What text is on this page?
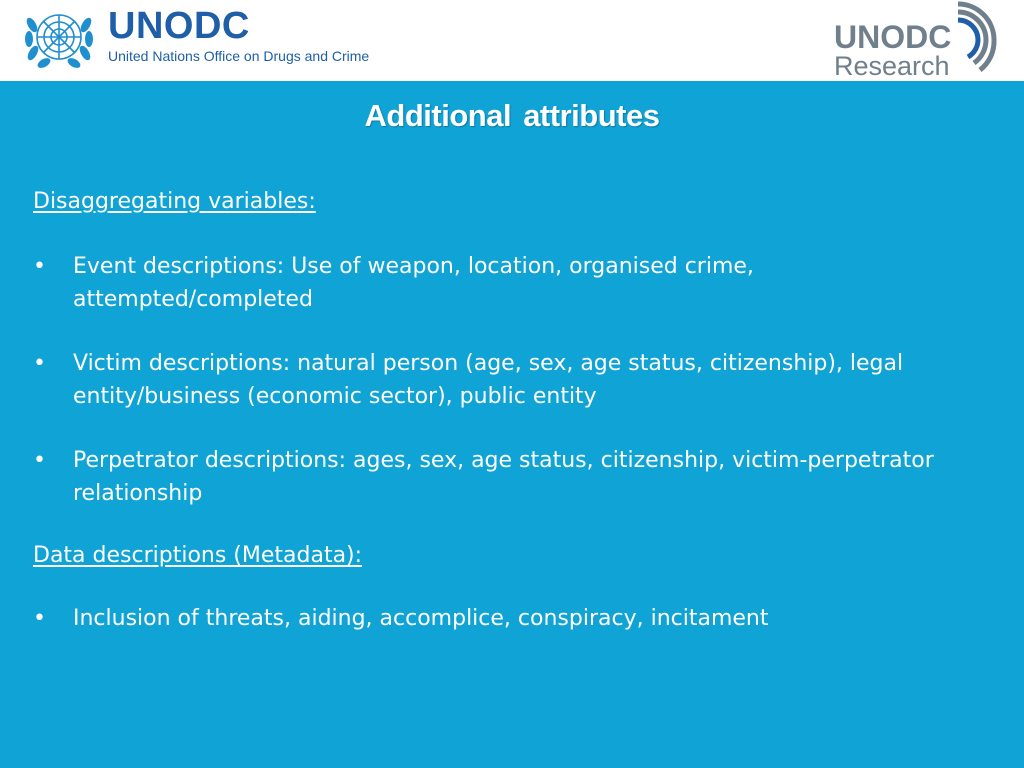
UNODC
United Nations Office on Drugs and Crime
UNODC
Research
Additional attributes
Disaggregating variables:
•	Event descriptions: Use of weapon, location, organised crime, attempted/completed
•	Victim descriptions: natural person (age, sex, age status, citizenship), legal entity/business (economic sector), public entity
•	Perpetrator descriptions: ages, sex, age status, citizenship, victim-perpetrator relationship
Data descriptions (Metadata):
•	Inclusion of threats, aiding, accomplice, conspiracy, incitament
